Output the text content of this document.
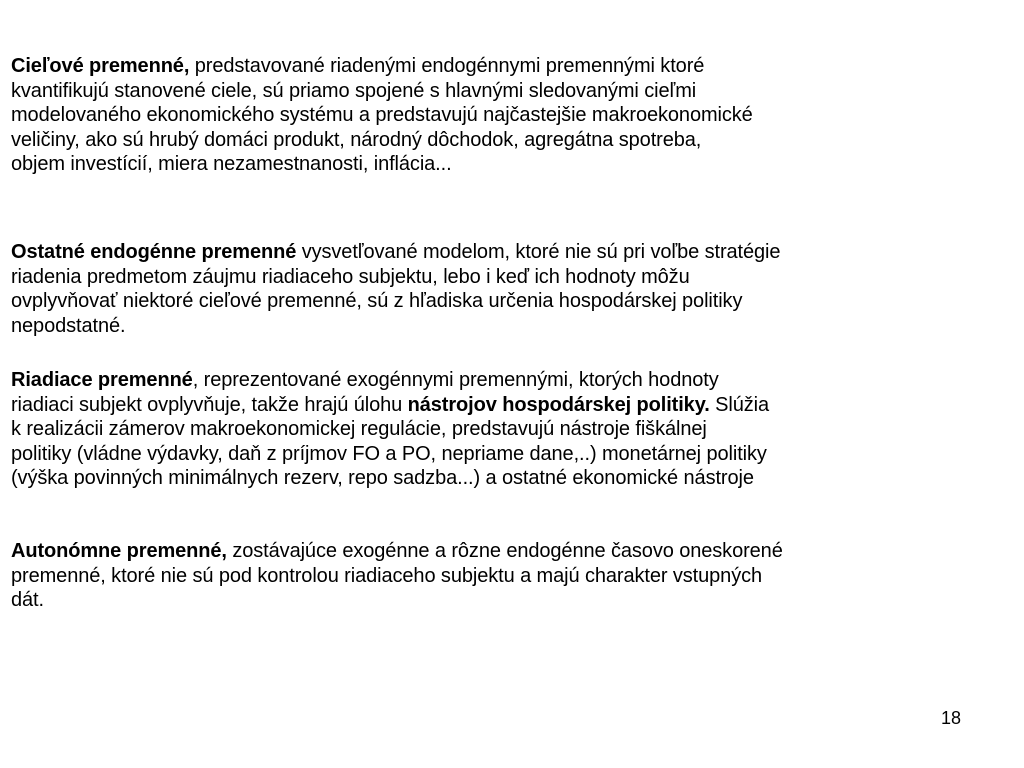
Cieľové premenné, predstavované riadenými endogénnymi premennými ktoré
kvantifikujú stanovené ciele, sú priamo spojené s hlavnými sledovanými cieľmi
modelovaného ekonomického systému a predstavujú najčastejšie makroekonomické
veličiny, ako sú hrubý domáci produkt, národný dôchodok, agregátna spotreba,
objem investícií, miera nezamestnanosti, inflácia...
Ostatné endogénne premenné vysvetľované modelom, ktoré nie sú pri voľbe stratégie
riadenia predmetom záujmu riadiaceho subjektu, lebo i keď ich hodnoty môžu
ovplyvňovať niektoré cieľové premenné, sú z hľadiska určenia hospodárskej politiky
nepodstatné.
Riadiace premenné, reprezentované exogénnymi premennými, ktorých hodnoty
riadiaci subjekt ovplyvňuje, takže hrajú úlohu nástrojov hospodárskej politiky. Slúžia
k realizácii zámerov makroekonomickej regulácie, predstavujú nástroje fiškálnej
politiky (vládne výdavky, daň z príjmov FO a PO, nepriame dane,..) monetárnej politiky
(výška povinných minimálnych rezerv, repo sadzba...) a ostatné ekonomické nástroje
Autonómne premenné, zostávajúce exogénne a rôzne endogénne časovo oneskorené
premenné, ktoré nie sú pod kontrolou riadiaceho subjektu a majú charakter vstupných
dát.
18
